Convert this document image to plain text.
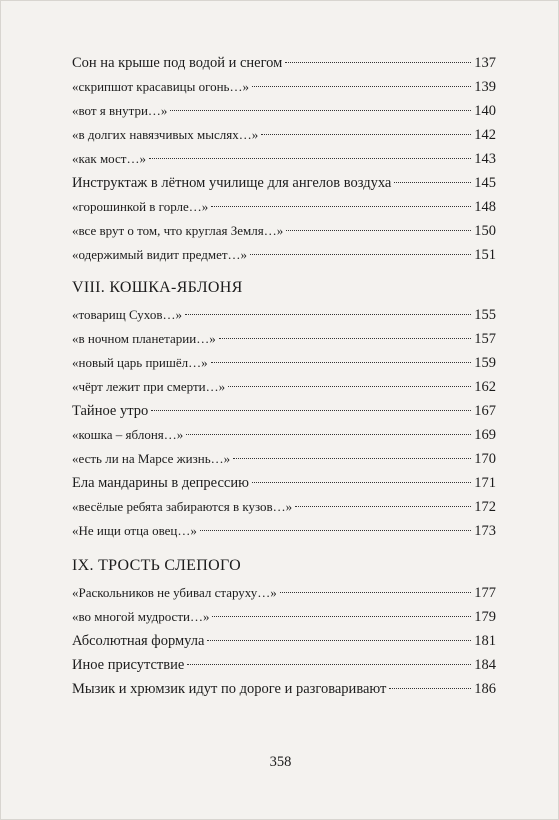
Сон на крыше под водой и снегом	137
«скрипшот красавицы огонь…»	139
«вот я внутри…»	140
«в долгих навязчивых мыслях…»	142
«как мост…»	143
Инструктаж в лётном училище для ангелов воздуха	145
«горошинкой в горле…»	148
«все врут о том, что круглая Земля…»	150
«одержимый видит предмет…»	151
VIII. КОШКА-ЯБЛОНЯ
«товарищ Сухов…»	155
«в ночном планетарии…»	157
«новый царь пришёл…»	159
«чёрт лежит при смерти…»	162
Тайное утро	167
«кошка – яблоня…»	169
«есть ли на Марсе жизнь…»	170
Ела мандарины в депрессию	171
«весёлые ребята забираются в кузов…»	172
«Не ищи отца овец…»	173
IX. ТРОСТЬ СЛЕПОГО
«Раскольников не убивал старуху…»	177
«во многой мудрости…»	179
Абсолютная формула	181
Иное присутствие	184
Мызик и хрюмзик идут по дороге и разговаривают	186
358
